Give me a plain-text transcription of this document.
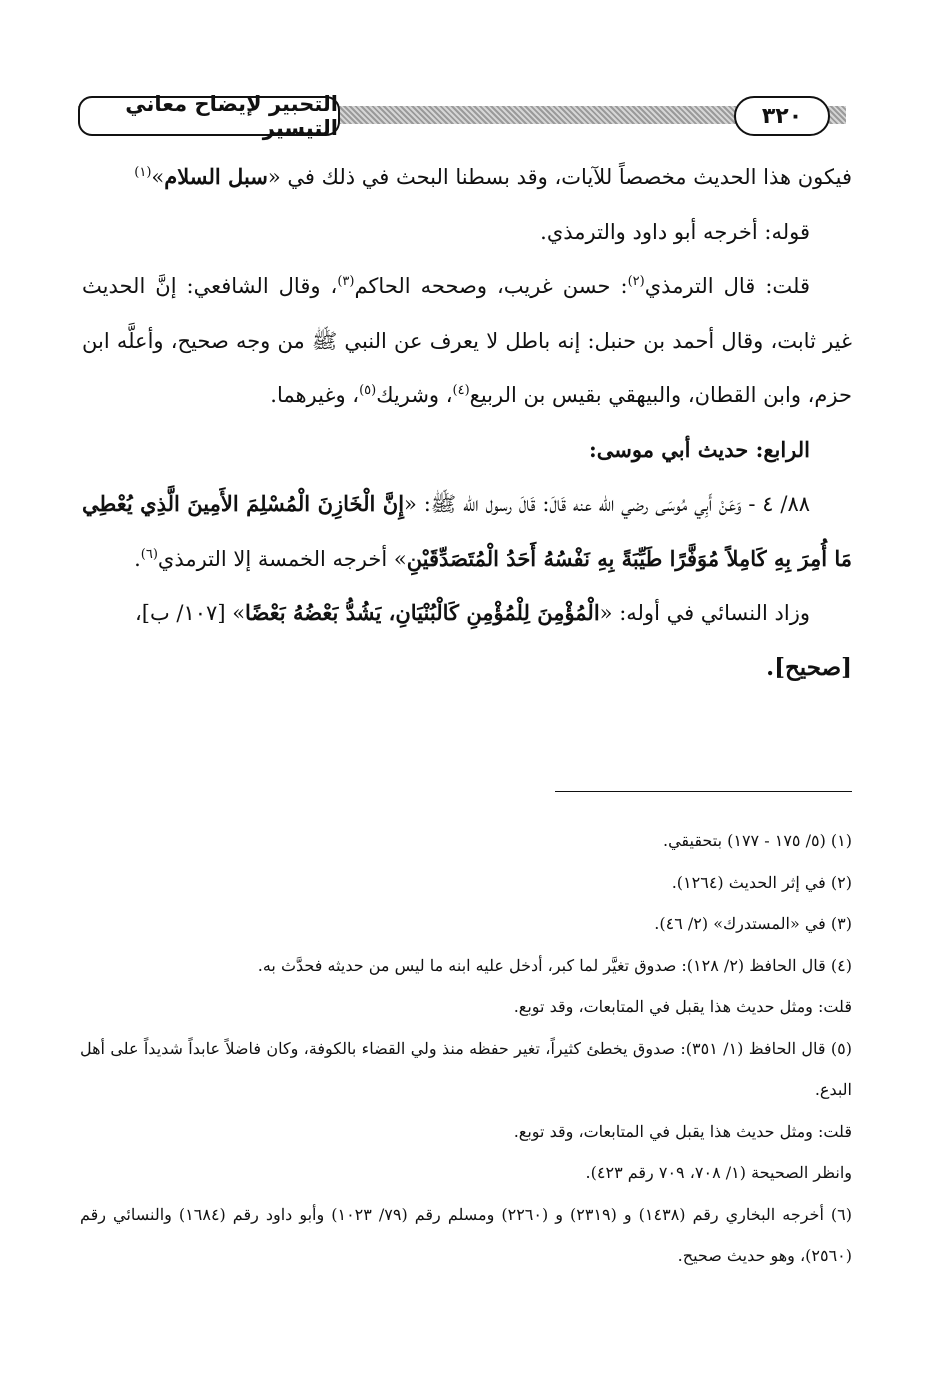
التحبير لإيضاح معاني التيسير	٣٢٠

فيكون هذا الحديث مخصصاً للآيات، وقد بسطنا البحث في ذلك في «سبل السلام»$^{(١)}$

قوله: أخرجه أبو داود والترمذي.

قلت: قال الترمذي$^{(٢)}$: حسن غريب، وصححه الحاكم$^{(٣)}$، وقال الشافعي: إنَّ الحديث غير ثابت، وقال أحمد بن حنبل: إنه باطل لا يعرف عن النبي ﷺ من وجه صحيح، وأعلَّه ابن حزم، وابن القطان، والبيهقي بقيس بن الربيع$^{(٤)}$، وشريك$^{(٥)}$، وغيرهما.

الرابع: حديث أبي موسى:

٨٨/ ٤ - وَعَنْ أَبِي مُوسَى رضي الله عنه قَالَ: قَالَ رسول الله ﷺ: «إِنَّ الْخَازِنَ الْمُسْلِمَ الأَمِينَ الَّذِي يُعْطِي مَا أُمِرَ بِهِ كَامِلاً مُوَفَّرًا طَيِّبَةً بِهِ نَفْسُهُ أَحَدُ الْمُتَصَدِّقَيْنِ» أخرجه الخمسة إلا الترمذي$^{(٦)}$.

وزاد النسائي في أوله: «الْمُؤْمِنَ لِلْمُؤْمِنِ كَالْبُنْيَانِ، يَشُدُّ بَعْضُهُ بَعْضًا» [١٠٧/ ب]،

[صحيح].

(١) (٥/ ١٧٥ - ١٧٧) بتحقيقي.

(٢) في إثر الحديث (١٢٦٤).

(٣) في «المستدرك» (٢/ ٤٦).

(٤) قال الحافظ (٢/ ١٢٨): صدوق تغيَّر لما كبر، أدخل عليه ابنه ما ليس من حديثه فحدَّث به.

قلت: ومثل حديث هذا يقبل في المتابعات، وقد توبع.

(٥) قال الحافظ (١/ ٣٥١): صدوق يخطئ كثيراً، تغير حفظه منذ ولي القضاء بالكوفة، وكان فاضلاً عابداً شديداً على أهل البدع.

قلت: ومثل حديث هذا يقبل في المتابعات، وقد توبع.

وانظر الصحيحة (١/ ٧٠٨، ٧٠٩ رقم ٤٢٣).

(٦) أخرجه البخاري رقم (١٤٣٨) و (٢٣١٩) و (٢٢٦٠) ومسلم رقم (٧٩/ ١٠٢٣) وأبو داود رقم (١٦٨٤) والنسائي رقم (٢٥٦٠)، وهو حديث صحيح.
